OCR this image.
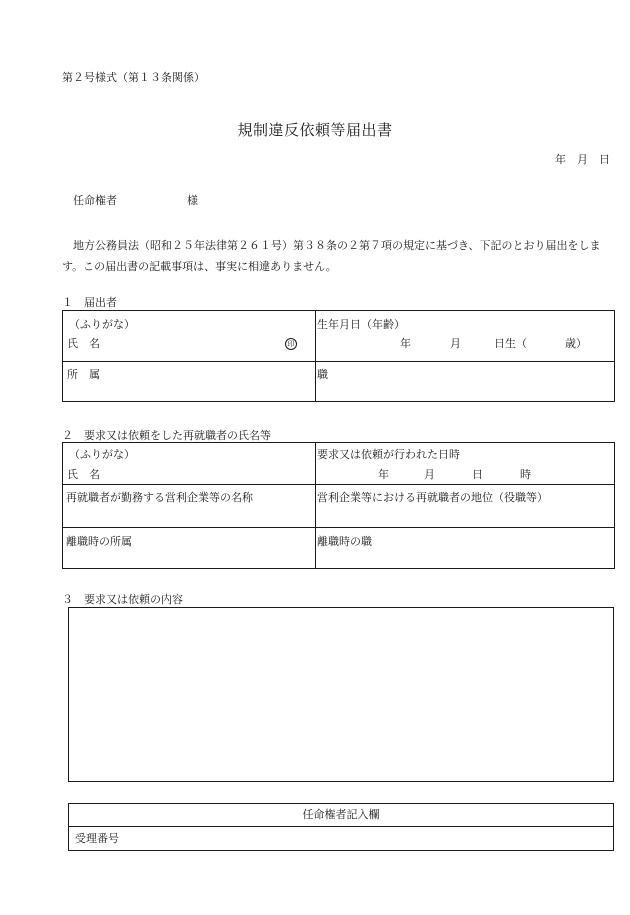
第２号様式（第１３条関係）
規制違反依頼等届出書
年　月　日
任命権者	様
地方公務員法（昭和２５年法律第２６１号）第３８条の２第７項の規定に基づき、下記のとおり届出をします。この届出書の記載事項は、事実に相違ありません。
１　届出者
（ふりがな）
氏　名 印	生年月日（年齢）
年 月 日生（ 歳）

所　属	職
２　要求又は依頼をした再就職者の氏名等
（ふりがな）
氏　名	要求又は依頼が行われた日時
年 月 日 時

再就職者が勤務する営利企業等の名称	営利企業等における再就職者の地位（役職等）

離職時の所属	離職時の職
３　要求又は依頼の内容
任命権者記入欄
受理番号
